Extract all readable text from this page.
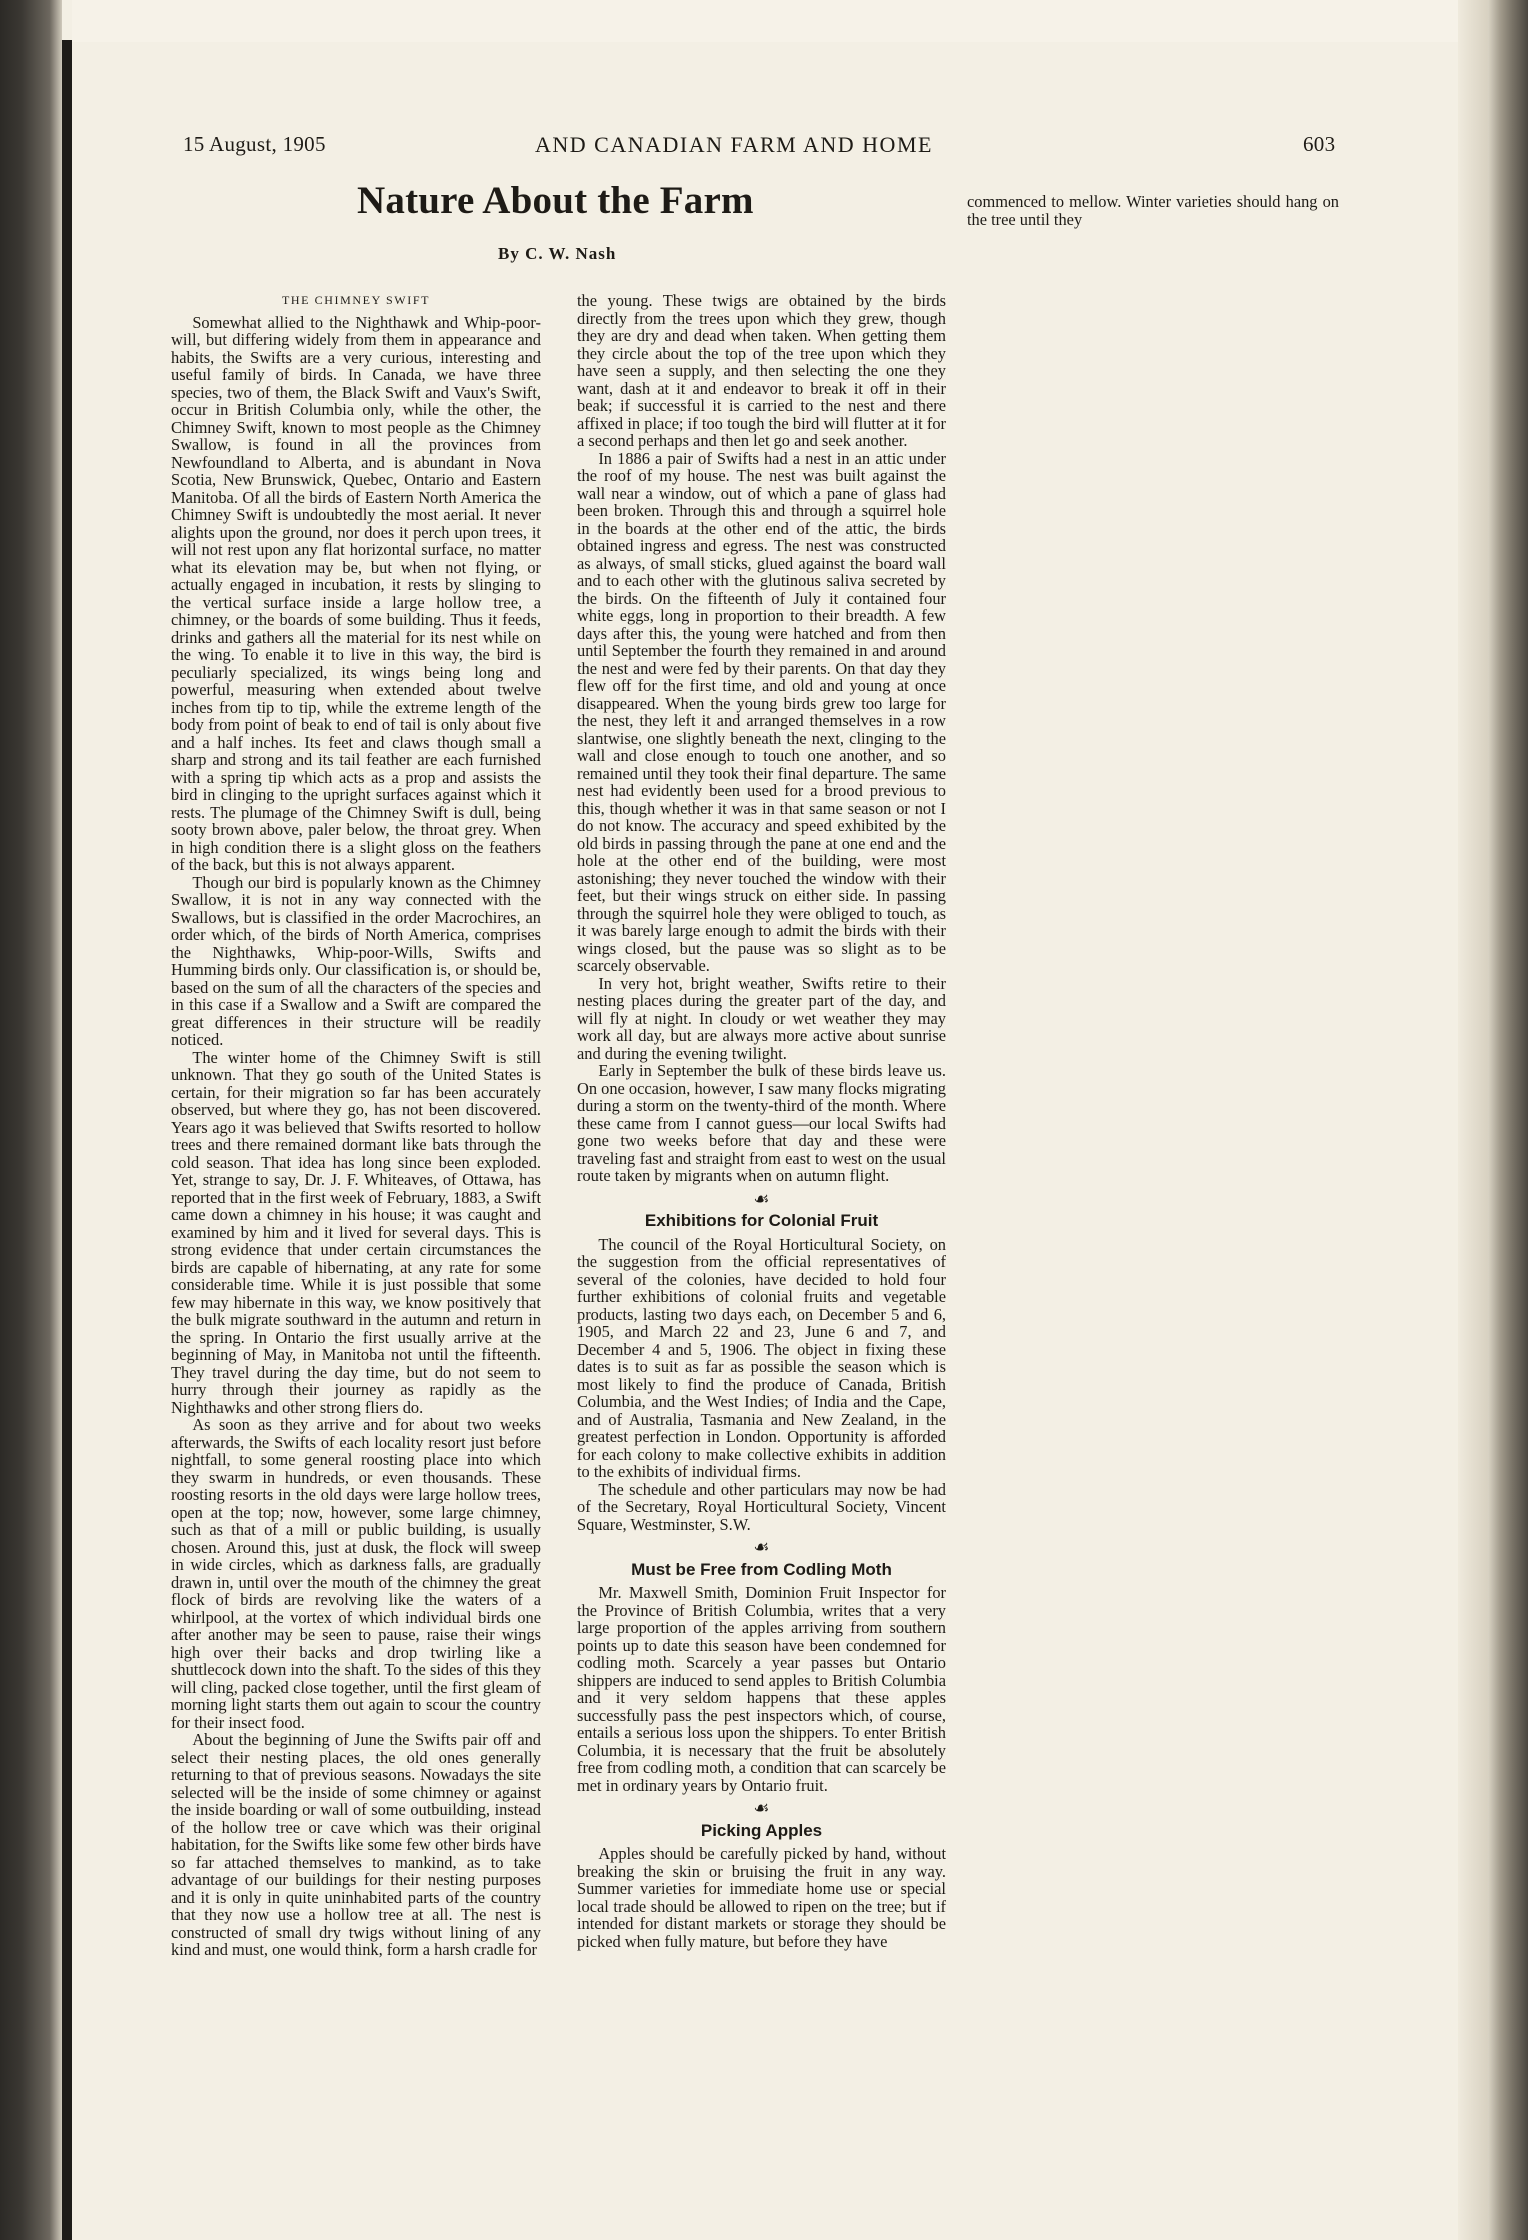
15 August, 1905	AND CANADIAN FARM AND HOME	603
Nature About the Farm
By C. W. Nash
THE CHIMNEY SWIFT

Somewhat allied to the Nighthawk and Whip-poor-will, but differing widely from them in appearance and habits, the Swifts are a very curious, interesting and useful family of birds. In Canada, we have three species, two of them, the Black Swift and Vaux's Swift, occur in British Columbia only, while the other, the Chimney Swift, known to most people as the Chimney Swallow, is found in all the provinces from Newfoundland to Alberta, and is abundant in Nova Scotia, New Brunswick, Quebec, Ontario and Eastern Manitoba. Of all the birds of Eastern North America the Chimney Swift is undoubtedly the most aerial. It never alights upon the ground, nor does it perch upon trees, it will not rest upon any flat horizontal surface, no matter what its elevation may be, but when not flying, or actually engaged in incubation, it rests by slinging to the vertical surface inside a large hollow tree, a chimney, or the boards of some building. Thus it feeds, drinks and gathers all the material for its nest while on the wing. To enable it to live in this way, the bird is peculiarly specialized, its wings being long and powerful, measuring when extended about twelve inches from tip to tip, while the extreme length of the body from point of beak to end of tail is only about five and a half inches. Its feet and claws though small a sharp and strong and its tail feather are each furnished with a spring tip which acts as a prop and assists the bird in clinging to the upright surfaces against which it rests. The plumage of the Chimney Swift is dull, being sooty brown above, paler below, the throat grey. When in high condition there is a slight gloss on the feathers of the back, but this is not always apparent.

Though our bird is popularly known as the Chimney Swallow, it is not in any way connected with the Swallows, but is classified in the order Macrochires, an order which, of the birds of North America, comprises the Nighthawks, Whip-poor-Wills, Swifts and Humming birds only. Our classification is, or should be, based on the sum of all the characters of the species and in this case if a Swallow and a Swift are compared the great differences in their structure will be readily noticed.

The winter home of the Chimney Swift is still unknown. That they go south of the United States is certain, for their migration so far has been accurately observed, but where they go, has not been discovered. Years ago it was believed that Swifts resorted to hollow trees and there remained dormant like bats through the cold season. That idea has long since been exploded. Yet, strange to say, Dr. J. F. Whiteaves, of Ottawa, has reported that in the first week of February, 1883, a Swift came down a chimney in his house; it was caught and examined by him and it lived for several days. This is strong evidence that under certain circumstances the birds are capable of hibernating, at any rate for some considerable time. While it is just possible that some few may hibernate in this way, we know positively that the bulk migrate southward in the autumn and return in the spring. In Ontario the first usually arrive at the beginning of May, in Manitoba not until the fifteenth. They travel during the day time, but do not seem to hurry through their journey as rapidly as the Nighthawks and other strong fliers do.

As soon as they arrive and for about two weeks afterwards, the Swifts of each locality resort just before nightfall, to some general roosting place into which they swarm in hundreds, or even thousands. These roosting resorts in the old days were large hollow trees, open at the top; now, however, some large chimney, such as that of a mill or public building, is usually chosen. Around this, just at dusk, the flock will sweep in wide circles, which as darkness falls, are gradually drawn in, until over the mouth of the chimney the great flock of birds are revolving like the waters of a whirlpool, at the vortex of which individual birds one after another may be seen to pause, raise their wings high over their backs and drop twirling like a shuttlecock down into the shaft. To the sides of this they will cling, packed close together, until the first gleam of morning light starts them out again to scour the country for their insect food.

About the beginning of June the Swifts pair off and select their nesting places, the old ones generally returning to that of previous seasons. Nowadays the site selected will be the inside of some chimney or against the inside boarding or wall of some outbuilding, instead of the hollow tree or cave which was their original habitation, for the Swifts like some few other birds have so far attached themselves to mankind, as to take advantage of our buildings for their nesting purposes and it is only in quite uninhabited parts of the country that they now use a hollow tree at all. The nest is constructed of small dry twigs without lining of any kind and must, one would think, form a harsh cradle for

the young. These twigs are obtained by the birds directly from the trees upon which they grew, though they are dry and dead when taken. When getting them they circle about the top of the tree upon which they have seen a supply, and then selecting the one they want, dash at it and endeavor to break it off in their beak; if successful it is carried to the nest and there affixed in place; if too tough the bird will flutter at it for a second perhaps and then let go and seek another.

In 1886 a pair of Swifts had a nest in an attic under the roof of my house. The nest was built against the wall near a window, out of which a pane of glass had been broken. Through this and through a squirrel hole in the boards at the other end of the attic, the birds obtained ingress and egress. The nest was constructed as always, of small sticks, glued against the board wall and to each other with the glutinous saliva secreted by the birds. On the fifteenth of July it contained four white eggs, long in proportion to their breadth. A few days after this, the young were hatched and from then until September the fourth they remained in and around the nest and were fed by their parents. On that day they flew off for the first time, and old and young at once disappeared. When the young birds grew too large for the nest, they left it and arranged themselves in a row slantwise, one slightly beneath the next, clinging to the wall and close enough to touch one another, and so remained until they took their final departure. The same nest had evidently been used for a brood previous to this, though whether it was in that same season or not I do not know. The accuracy and speed exhibited by the old birds in passing through the pane at one end and the hole at the other end of the building, were most astonishing; they never touched the window with their feet, but their wings struck on either side. In passing through the squirrel hole they were obliged to touch, as it was barely large enough to admit the birds with their wings closed, but the pause was so slight as to be scarcely observable.

In very hot, bright weather, Swifts retire to their nesting places during the greater part of the day, and will fly at night. In cloudy or wet weather they may work all day, but are always more active about sunrise and during the evening twilight.

Early in September the bulk of these birds leave us. On one occasion, however, I saw many flocks migrating during a storm on the twenty-third of the month. Where these came from I cannot guess—our local Swifts had gone two weeks before that day and these were traveling fast and straight from east to west on the usual route taken by migrants when on autumn flight.

☙
Exhibitions for Colonial Fruit

The council of the Royal Horticultural Society, on the suggestion from the official representatives of several of the colonies, have decided to hold four further exhibitions of colonial fruits and vegetable products, lasting two days each, on December 5 and 6, 1905, and March 22 and 23, June 6 and 7, and December 4 and 5, 1906. The object in fixing these dates is to suit as far as possible the season which is most likely to find the produce of Canada, British Columbia, and the West Indies; of India and the Cape, and of Australia, Tasmania and New Zealand, in the greatest perfection in London. Opportunity is afforded for each colony to make collective exhibits in addition to the exhibits of individual firms.

The schedule and other particulars may now be had of the Secretary, Royal Horticultural Society, Vincent Square, Westminster, S.W.

☙
Must be Free from Codling Moth

Mr. Maxwell Smith, Dominion Fruit Inspector for the Province of British Columbia, writes that a very large proportion of the apples arriving from southern points up to date this season have been condemned for codling moth. Scarcely a year passes but Ontario shippers are induced to send apples to British Columbia and it very seldom happens that these apples successfully pass the pest inspectors which, of course, entails a serious loss upon the shippers. To enter British Columbia, it is necessary that the fruit be absolutely free from codling moth, a condition that can scarcely be met in ordinary years by Ontario fruit.

☙
Picking Apples

Apples should be carefully picked by hand, without breaking the skin or bruising the fruit in any way. Summer varieties for immediate home use or special local trade should be allowed to ripen on the tree; but if intended for distant markets or storage they should be picked when fully mature, but before they have

commenced to mellow. Winter varieties should hang on the tree until they
